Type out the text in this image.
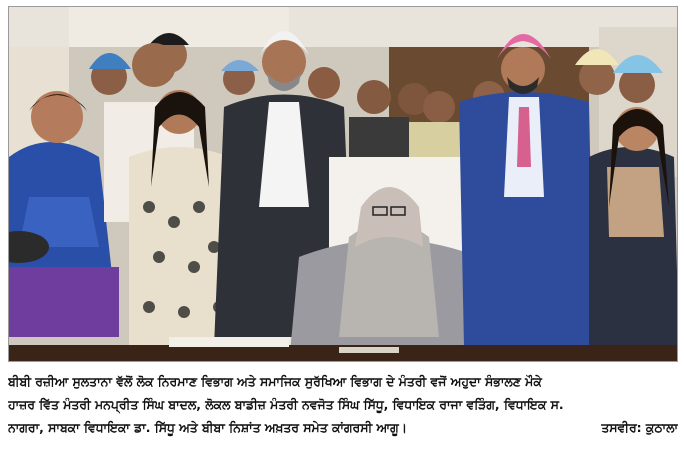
ਬੀਬੀ ਰਜ਼ੀਆ ਸੁਲਤਾਨਾ ਵੱਲੋਂ ਲੋਕ ਨਿਰਮਾਣ ਵਿਭਾਗ ਅਤੇ ਸਮਾਜਿਕ ਸੁਰੱਖਿਆ ਵਿਭਾਗ ਦੇ ਮੰਤਰੀ ਵਜੋਂ ਅਹੁਦਾ ਸੰਭਾਲਣ ਮੌਕੇ
ਹਾਜ਼ਰ ਵਿੱਤ ਮੰਤਰੀ ਮਨਪ੍ਰੀਤ ਸਿੰਘ ਬਾਦਲ, ਲੋਕਲ ਬਾਡੀਜ਼ ਮੰਤਰੀ ਨਵਜੋਤ ਸਿੰਘ ਸਿੱਧੂ, ਵਿਧਾਇਕ ਰਾਜਾ ਵੜਿੰਗ, ਵਿਧਾਇਕ ਸ.
ਨਾਗਰਾ, ਸਾਬਕਾ ਵਿਧਾਇਕਾ ਡਾ. ਸਿੱਧੂ ਅਤੇ ਬੀਬਾ ਨਿਸ਼ਾਂਤ ਅਖ਼ਤਰ ਸਮੇਤ ਕਾਂਗਰਸੀ ਆਗੂ।	ਤਸਵੀਰ: ਕੁਠਾਲਾ
